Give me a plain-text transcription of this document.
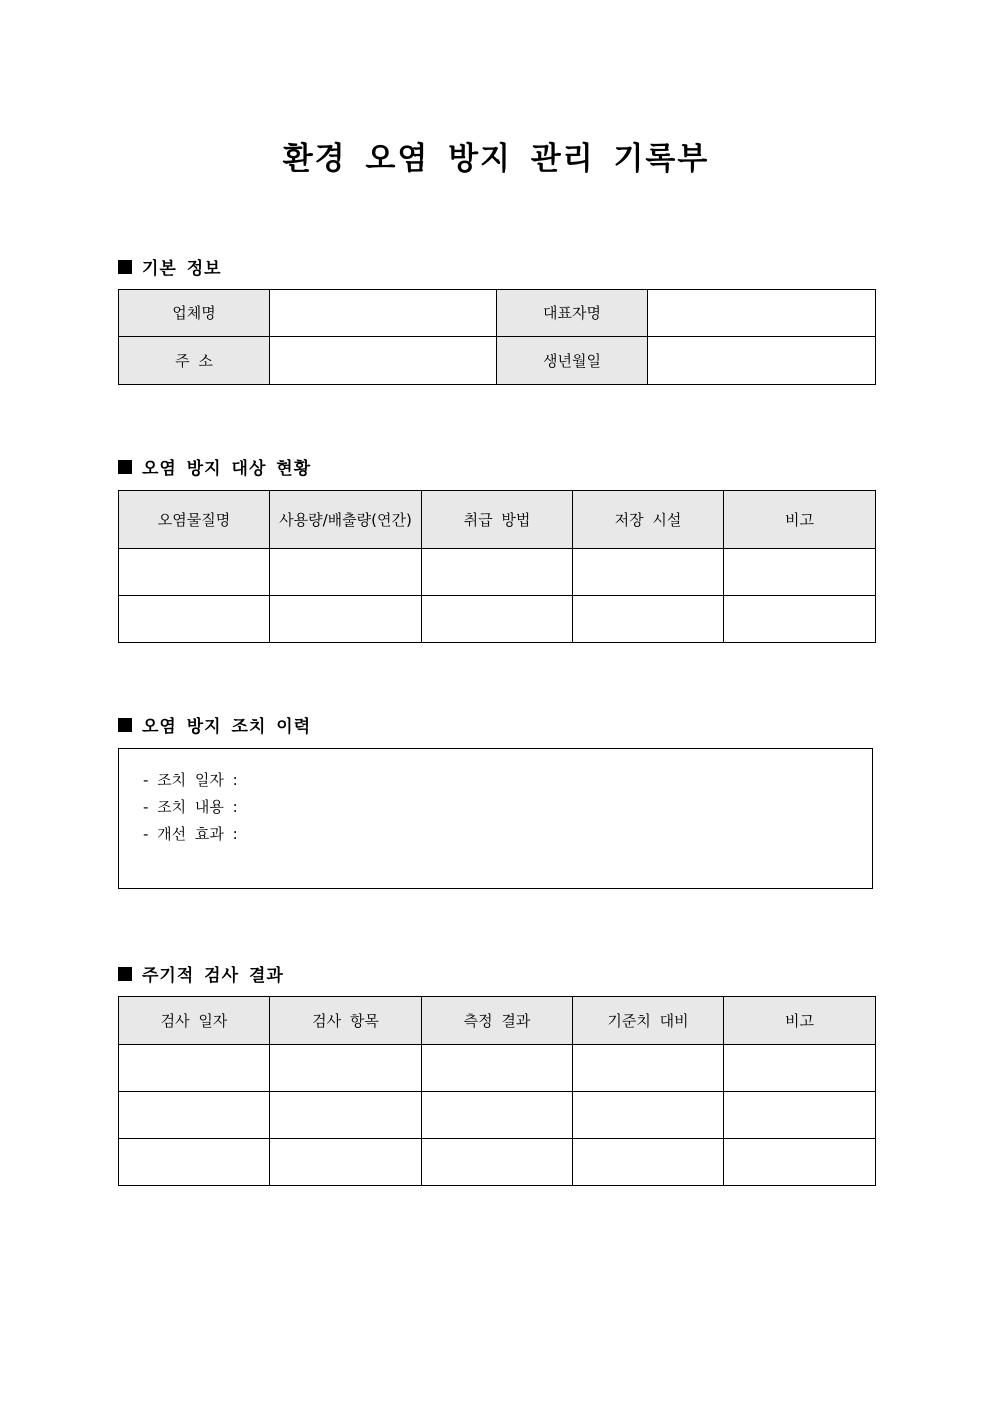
환경 오염 방지 관리 기록부
기본 정보
업체명		대표자명	
주 소		생년월일	
오염 방지 대상 현황
오염물질명	사용량/배출량(연간)	취급 방법	저장 시설	비고

오염 방지 조치 이력
- 조치 일자 :
- 조치 내용 :
- 개선 효과 :
주기적 검사 결과
검사 일자	검사 항목	측정 결과	기준치 대비	비고
